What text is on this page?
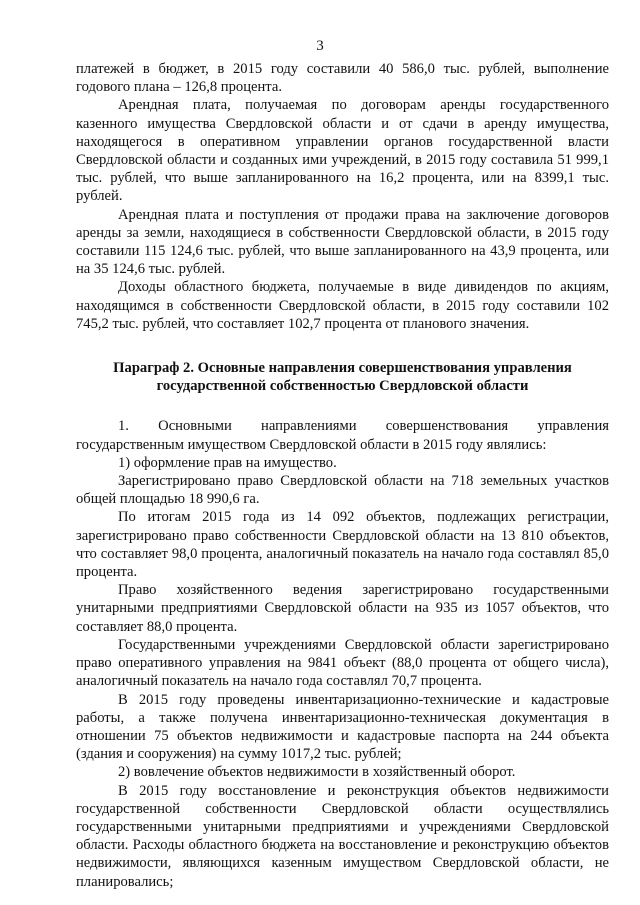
3

платежей в бюджет, в 2015 году составили 40 586,0 тыс. рублей, выполнение годового плана – 126,8 процента.

Арендная плата, получаемая по договорам аренды государственного казенного имущества Свердловской области и от сдачи в аренду имущества, находящегося в оперативном управлении органов государственной власти Свердловской области и созданных ими учреждений, в 2015 году составила 51 999,1 тыс. рублей, что выше запланированного на 16,2 процента, или на 8399,1 тыс. рублей.

Арендная плата и поступления от продажи права на заключение договоров аренды за земли, находящиеся в собственности Свердловской области, в 2015 году составили 115 124,6 тыс. рублей, что выше запланированного на 43,9 процента, или на 35 124,6 тыс. рублей.

Доходы областного бюджета, получаемые в виде дивидендов по акциям, находящимся в собственности Свердловской области, в 2015 году составили 102 745,2 тыс. рублей, что составляет 102,7 процента от планового значения.

Параграф 2. Основные направления совершенствования управления государственной собственностью Свердловской области

1. Основными направлениями совершенствования управления государственным имуществом Свердловской области в 2015 году являлись:

1) оформление прав на имущество.

Зарегистрировано право Свердловской области на 718 земельных участков общей площадью 18 990,6 га.

По итогам 2015 года из 14 092 объектов, подлежащих регистрации, зарегистрировано право собственности Свердловской области на 13 810 объектов, что составляет 98,0 процента, аналогичный показатель на начало года составлял 85,0 процента.

Право хозяйственного ведения зарегистрировано государственными унитарными предприятиями Свердловской области на 935 из 1057 объектов, что составляет 88,0 процента.

Государственными учреждениями Свердловской области зарегистрировано право оперативного управления на 9841 объект (88,0 процента от общего числа), аналогичный показатель на начало года составлял 70,7 процента.

В 2015 году проведены инвентаризационно-технические и кадастровые работы, а также получена инвентаризационно-техническая документация в отношении 75 объектов недвижимости и кадастровые паспорта на 244 объекта (здания и сооружения) на сумму 1017,2 тыс. рублей;

2) вовлечение объектов недвижимости в хозяйственный оборот.

В 2015 году восстановление и реконструкция объектов недвижимости государственной собственности Свердловской области осуществлялись государственными унитарными предприятиями и учреждениями Свердловской области. Расходы областного бюджета на восстановление и реконструкцию объектов недвижимости, являющихся казенным имуществом Свердловской области, не планировались;
